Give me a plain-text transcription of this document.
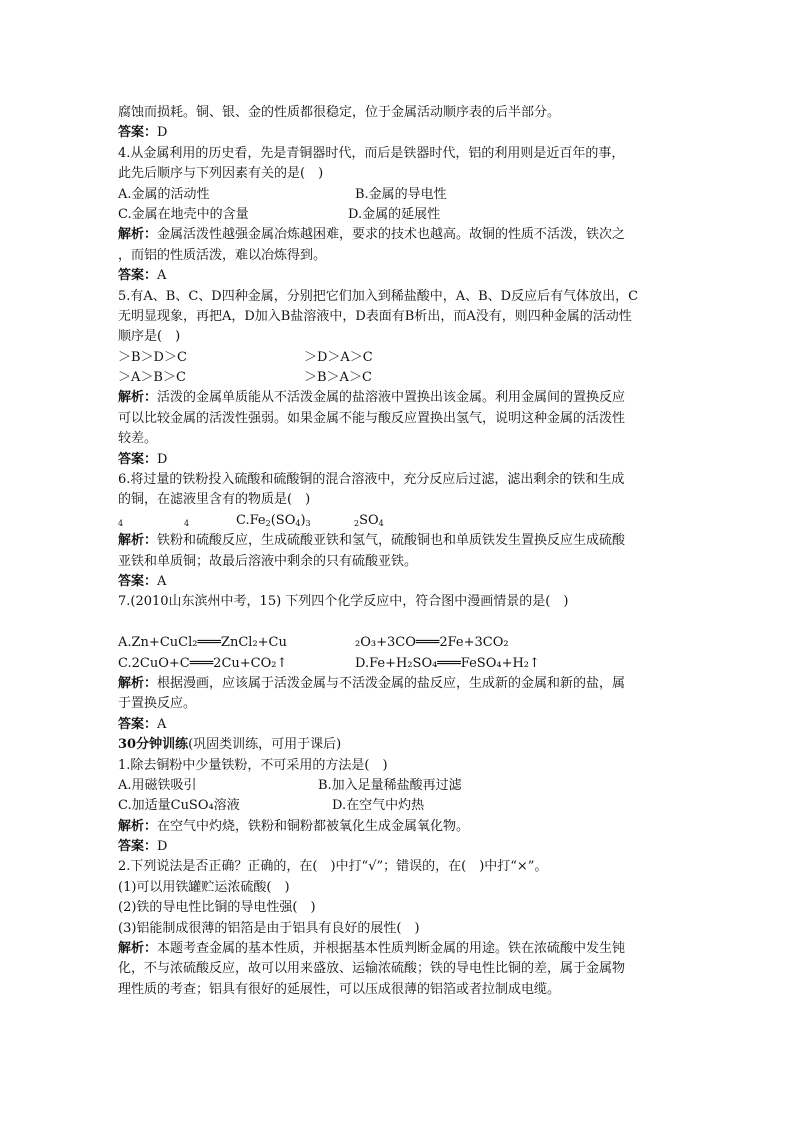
腐蚀而损耗。铜、银、金的性质都很稳定，位于金属活动顺序表的后半部分。
答案：D
4.从金属利用的历史看，先是青铜器时代，而后是铁器时代，铝的利用则是近百年的事，
此先后顺序与下列因素有关的是(　)
A.金属的活动性	B.金属的导电性
C.金属在地壳中的含量	D.金属的延展性
解析：金属活泼性越强金属冶炼越困难，要求的技术也越高。故铜的性质不活泼，铁次之
，而铝的性质活泼，难以冶炼得到。
答案：A
5.有A、B、C、D四种金属，分别把它们加入到稀盐酸中，A、B、D反应后有气体放出，C
无明显现象，再把A，D加入B盐溶液中，D表面有B析出，而A没有，则四种金属的活动性
顺序是(　)
＞B＞D＞C	＞D＞A＞C
＞A＞B＞C	＞B＞A＞C
解析：活泼的金属单质能从不活泼金属的盐溶液中置换出该金属。利用金属间的置换反应
可以比较金属的活泼性强弱。如果金属不能与酸反应置换出氢气，说明这种金属的活泼性
较差。
答案：D
6.将过量的铁粉投入硫酸和硫酸铜的混合溶液中，充分反应后过滤，滤出剩余的铁和生成
的铜，在滤液里含有的物质是(　)
4	4	$C.Fe_2(SO_4)_3$	$_2SO_4$
解析：铁粉和硫酸反应，生成硫酸亚铁和氢气，硫酸铜也和单质铁发生置换反应生成硫酸
亚铁和单质铜；故最后溶液中剩余的只有硫酸亚铁。
答案：A
7.(2010山东滨州中考，15) 下列四个化学反应中，符合图中漫画情景的是(　)
A.Zn+CuCl₂═══ZnCl₂+Cu	₂O₃+3CO═══2Fe+3CO₂
C.2CuO+C═══2Cu+CO₂↑	D.Fe+H₂SO₄═══FeSO₄+H₂↑
解析：根据漫画，应该属于活泼金属与不活泼金属的盐反应，生成新的金属和新的盐，属
于置换反应。
答案：A
30分钟训练(巩固类训练，可用于课后)
1.除去铜粉中少量铁粉，不可采用的方法是(　)
A.用磁铁吸引	B.加入足量稀盐酸再过滤
C.加适量CuSO₄溶液	D.在空气中灼热
解析：在空气中灼烧，铁粉和铜粉都被氧化生成金属氧化物。
答案：D
2.下列说法是否正确？正确的，在(　)中打“√”；错误的，在(　)中打“×”。
(1)可以用铁罐贮运浓硫酸(　)
(2)铁的导电性比铜的导电性强(　)
(3)铝能制成很薄的铝箔是由于铝具有良好的展性(　)
解析：本题考查金属的基本性质，并根据基本性质判断金属的用途。铁在浓硫酸中发生钝
化，不与浓硫酸反应，故可以用来盛放、运输浓硫酸；铁的导电性比铜的差，属于金属物
理性质的考查；铝具有很好的延展性，可以压成很薄的铝箔或者拉制成电缆。
